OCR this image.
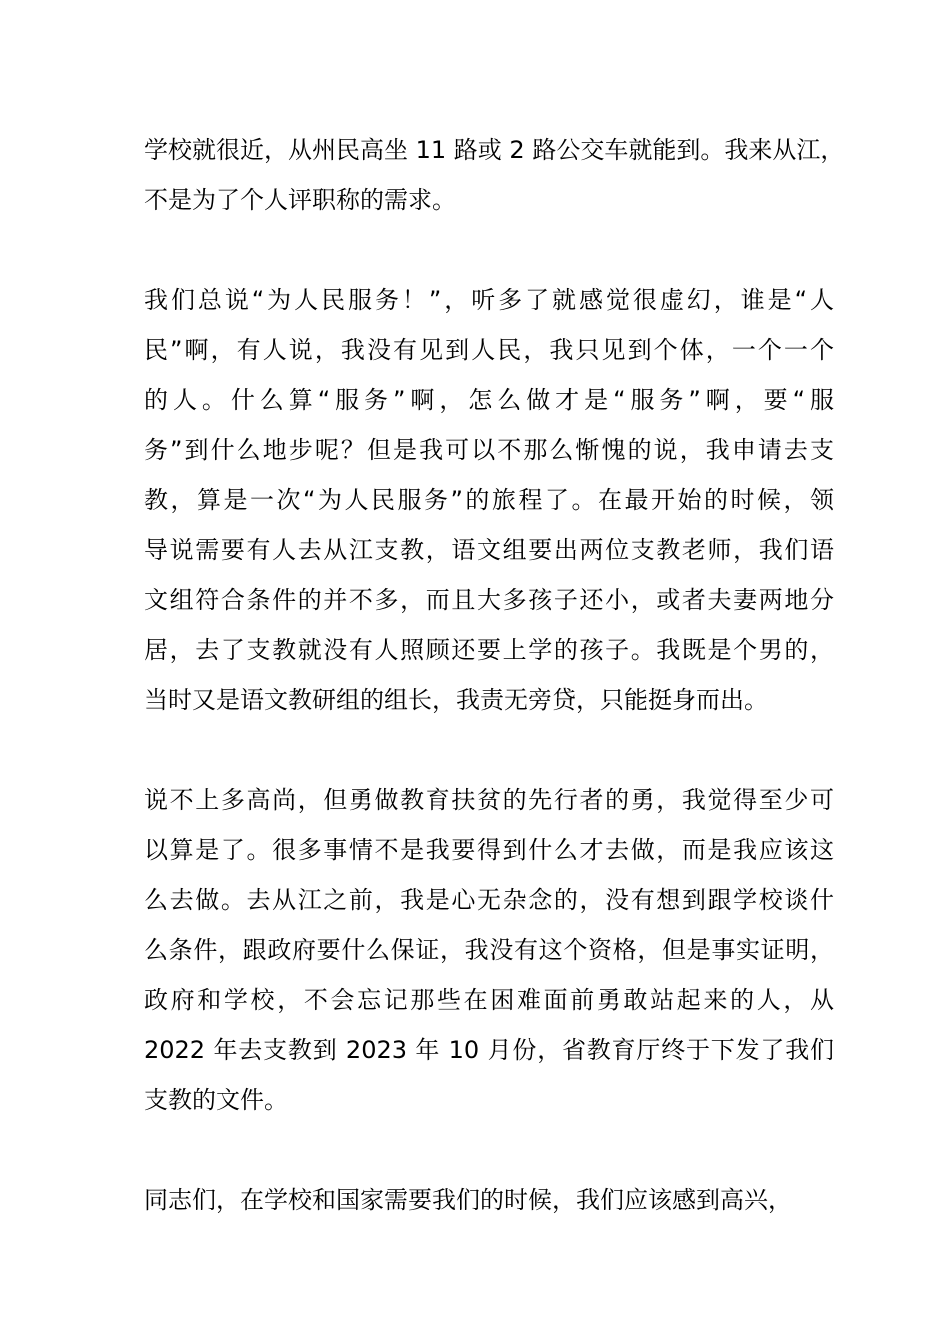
学校就很近，从州民高坐 11 路或 2 路公交车就能到。我来从江，
不是为了个人评职称的需求。
我们总说“为人民服务！”，听多了就感觉很虚幻，谁是“人
民”啊，有人说，我没有见到人民，我只见到个体，一个一个
的人。什么算“服务”啊，怎么做才是“服务”啊，要“服
务”到什么地步呢？但是我可以不那么惭愧的说，我申请去支
教，算是一次“为人民服务”的旅程了。在最开始的时候，领
导说需要有人去从江支教，语文组要出两位支教老师，我们语
文组符合条件的并不多，而且大多孩子还小，或者夫妻两地分
居，去了支教就没有人照顾还要上学的孩子。我既是个男的，
当时又是语文教研组的组长，我责无旁贷，只能挺身而出。
说不上多高尚，但勇做教育扶贫的先行者的勇，我觉得至少可
以算是了。很多事情不是我要得到什么才去做，而是我应该这
么去做。去从江之前，我是心无杂念的，没有想到跟学校谈什
么条件，跟政府要什么保证，我没有这个资格，但是事实证明，
政府和学校，不会忘记那些在困难面前勇敢站起来的人，从
2022 年去支教到 2023 年 10 月份，省教育厅终于下发了我们
支教的文件。
同志们，在学校和国家需要我们的时候，我们应该感到高兴，
